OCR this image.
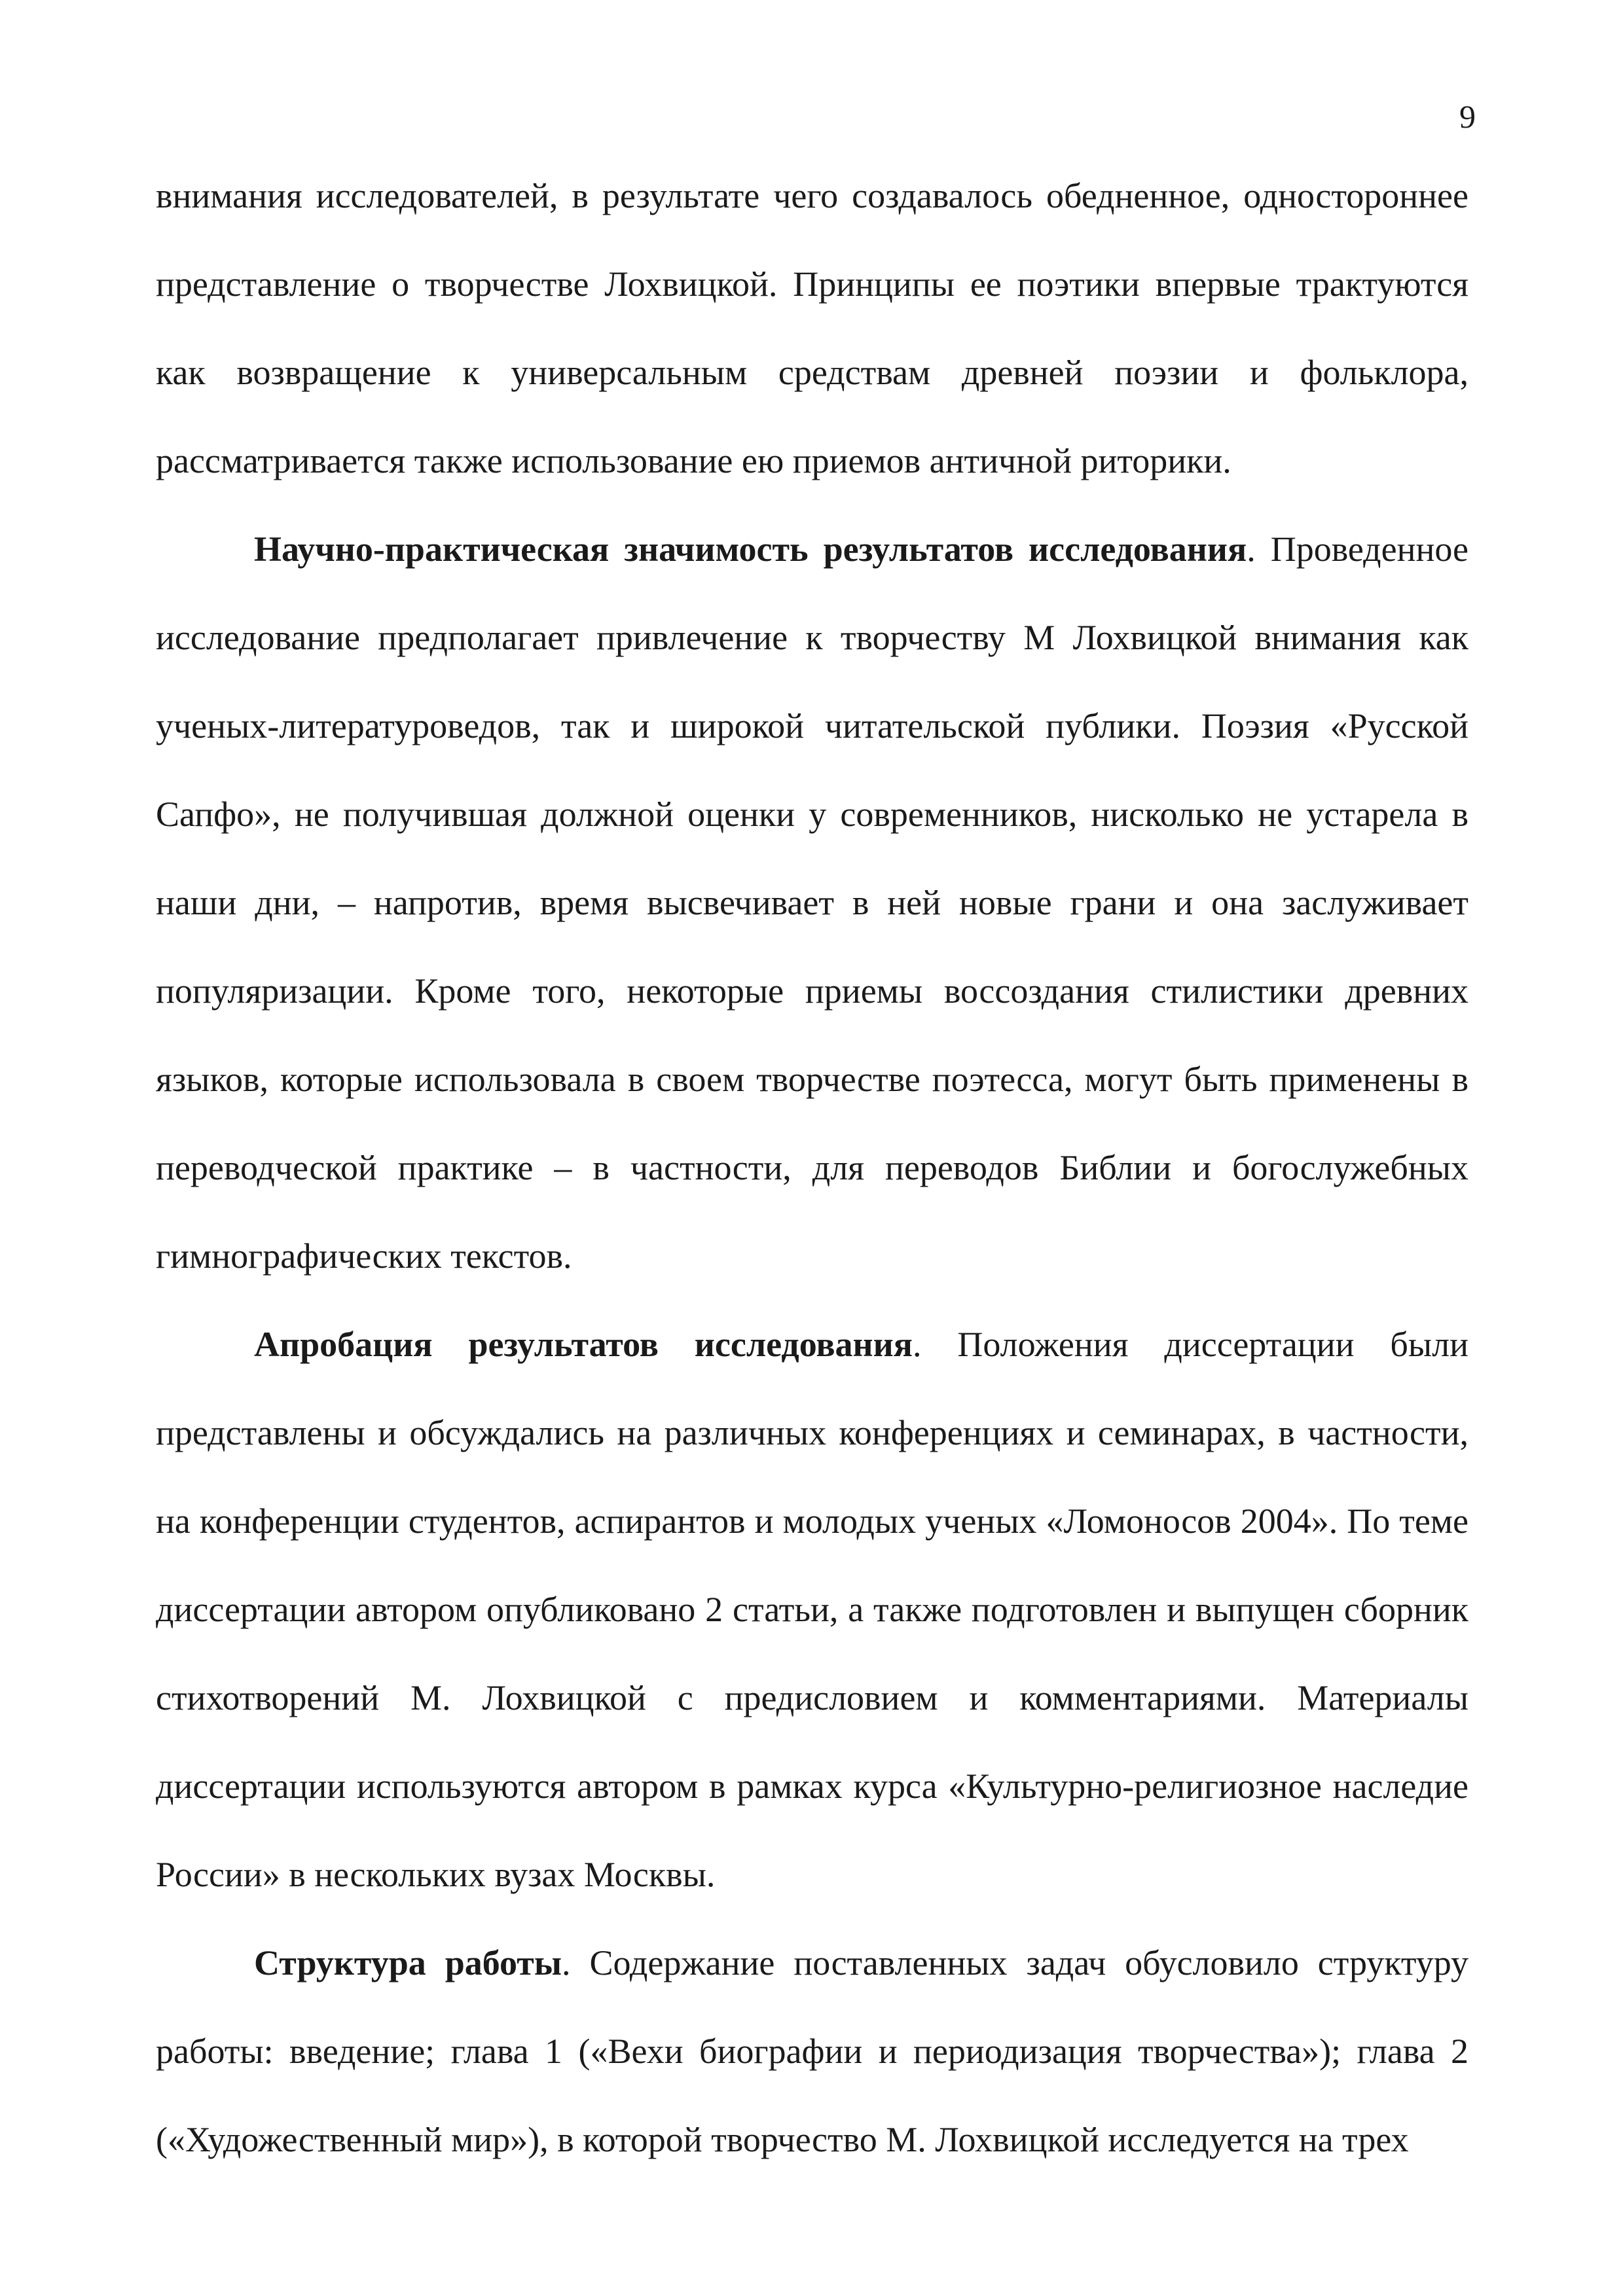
9

внимания исследователей, в результате чего создавалось обедненное, одностороннее представление о творчестве Лохвицкой. Принципы ее поэтики впервые трактуются как возвращение к универсальным средствам древней поэзии и фольклора, рассматривается также использование ею приемов античной риторики.

Научно-практическая значимость результатов исследования. Проведенное исследование предполагает привлечение к творчеству М Лохвицкой внимания как ученых-литературоведов, так и широкой читательской публики. Поэзия «Русской Сапфо», не получившая должной оценки у современников, нисколько не устарела в наши дни, – напротив, время высвечивает в ней новые грани и она заслуживает популяризации. Кроме того, некоторые приемы воссоздания стилистики древних языков, которые использовала в своем творчестве поэтесса, могут быть применены в переводческой практике – в частности, для переводов Библии и богослужебных гимнографических текстов.

Апробация результатов исследования. Положения диссертации были представлены и обсуждались на различных конференциях и семинарах, в частности, на конференции студентов, аспирантов и молодых ученых «Ломоносов 2004». По теме диссертации автором опубликовано 2 статьи, а также подготовлен и выпущен сборник стихотворений М. Лохвицкой с предисловием и комментариями. Материалы диссертации используются автором в рамках курса «Культурно-религиозное наследие России» в нескольких вузах Москвы.

Структура работы. Содержание поставленных задач обусловило структуру работы: введение; глава 1 («Вехи биографии и периодизация творчества»); глава 2 («Художественный мир»), в которой творчество М. Лохвицкой исследуется на трех
